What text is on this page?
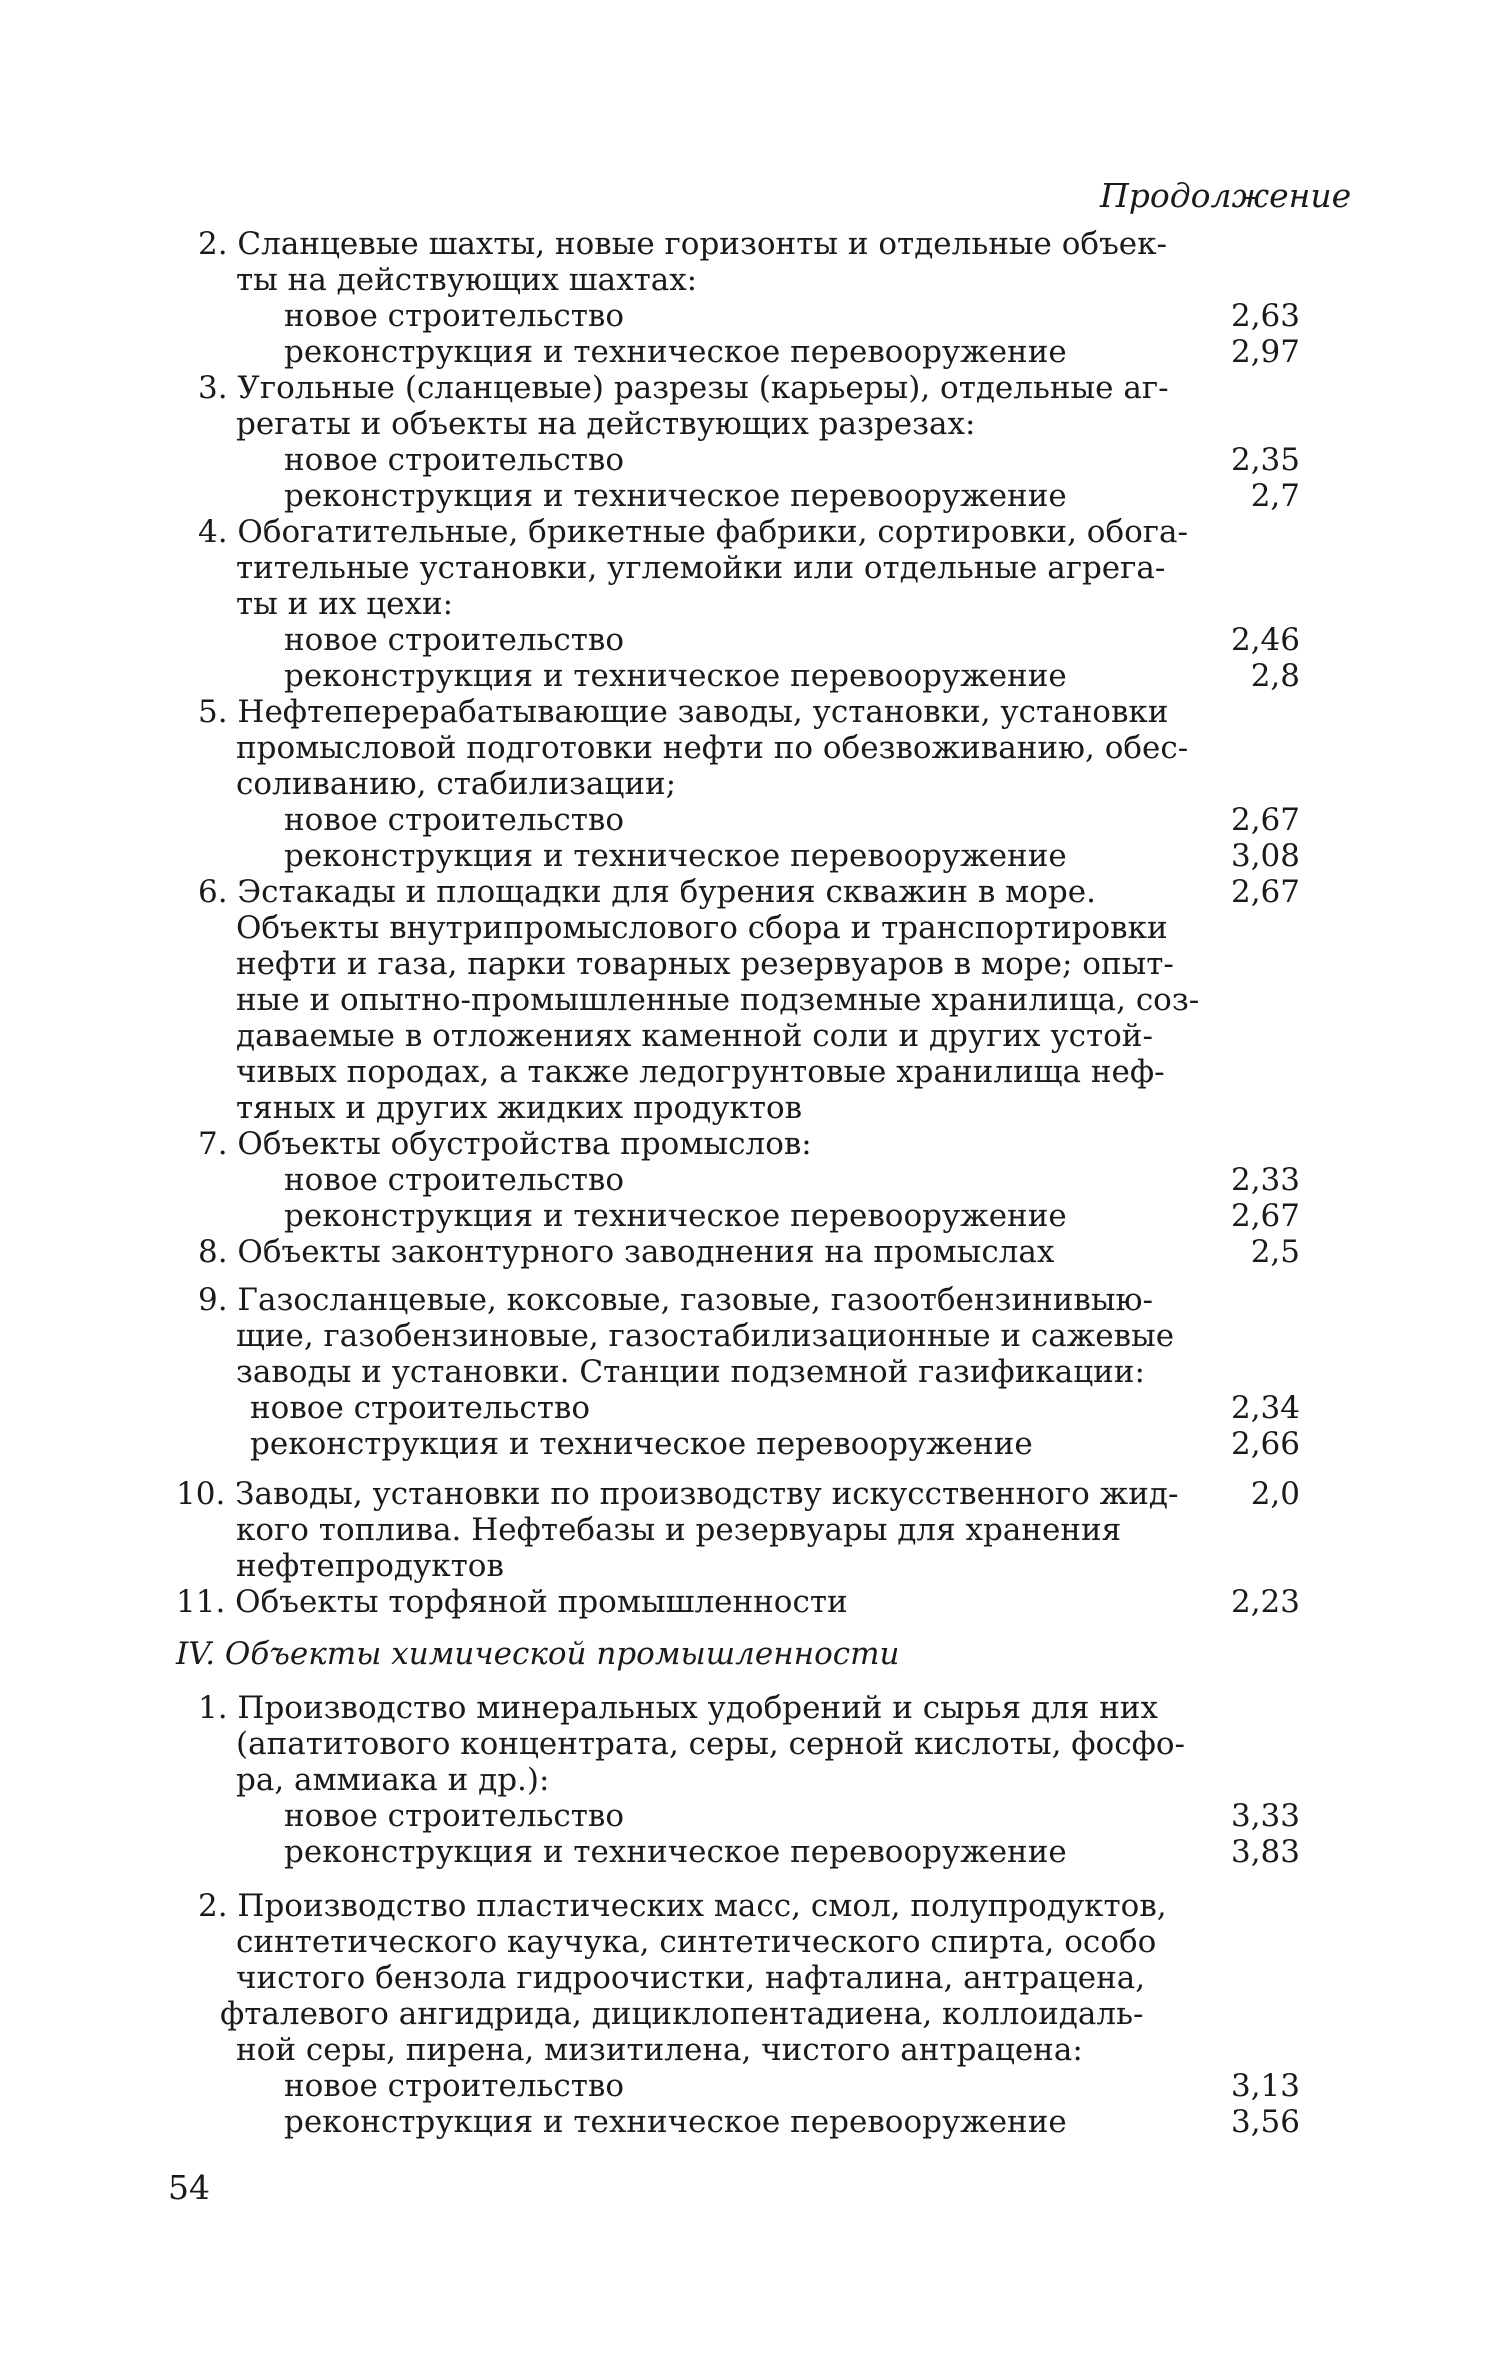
Продолжение
2. Сланцевые шахты, новые горизонты и отдельные объек-
ты на действующих шахтах:
новое строительство	2,63
реконструкция и техническое перевооружение	2,97
3. Угольные (сланцевые) разрезы (карьеры), отдельные аг-
регаты и объекты на действующих разрезах:
новое строительство	2,35
реконструкция и техническое перевооружение	2,7
4. Обогатительные, брикетные фабрики, сортировки, обога-
тительные установки, углемойки или отдельные агрега-
ты и их цехи:
новое строительство	2,46
реконструкция и техническое перевооружение	2,8
5. Нефтеперерабатывающие заводы, установки, установки
промысловой подготовки нефти по обезвоживанию, обес-
соливанию, стабилизации;
новое строительство	2,67
реконструкция и техническое перевооружение	3,08
6. Эстакады и площадки для бурения скважин в море.	2,67
Объекты внутрипромыслового сбора и транспортировки
нефти и газа, парки товарных резервуаров в море; опыт-
ные и опытно-промышленные подземные хранилища, соз-
даваемые в отложениях каменной соли и других устой-
чивых породах, а также ледогрунтовые хранилища неф-
тяных и других жидких продуктов
7. Объекты обустройства промыслов:
новое строительство	2,33
реконструкция и техническое перевооружение	2,67
8. Объекты законтурного заводнения на промыслах	2,5
9. Газосланцевые, коксовые, газовые, газоотбензинивыю-
щие, газобензиновые, газостабилизационные и сажевые
заводы и установки. Станции подземной газификации:
новое строительство	2,34
реконструкция и техническое перевооружение	2,66
10. Заводы, установки по производству искусственного жид-	2,0
кого топлива. Нефтебазы и резервуары для хранения
нефтепродуктов
11. Объекты торфяной промышленности	2,23
IV. Объекты химической промышленности
1. Производство минеральных удобрений и сырья для них
(апатитового концентрата, серы, серной кислоты, фосфо-
ра, аммиака и др.):
новое строительство	3,33
реконструкция и техническое перевооружение	3,83
2. Производство пластических масс, смол, полупродуктов,
синтетического каучука, синтетического спирта, особо
чистого бензола гидроочистки, нафталина, антрацена,
фталевого ангидрида, дициклопентадиена, коллоидаль-
ной серы, пирена, мизитилена, чистого антрацена:
новое строительство	3,13
реконструкция и техническое перевооружение	3,56
54
